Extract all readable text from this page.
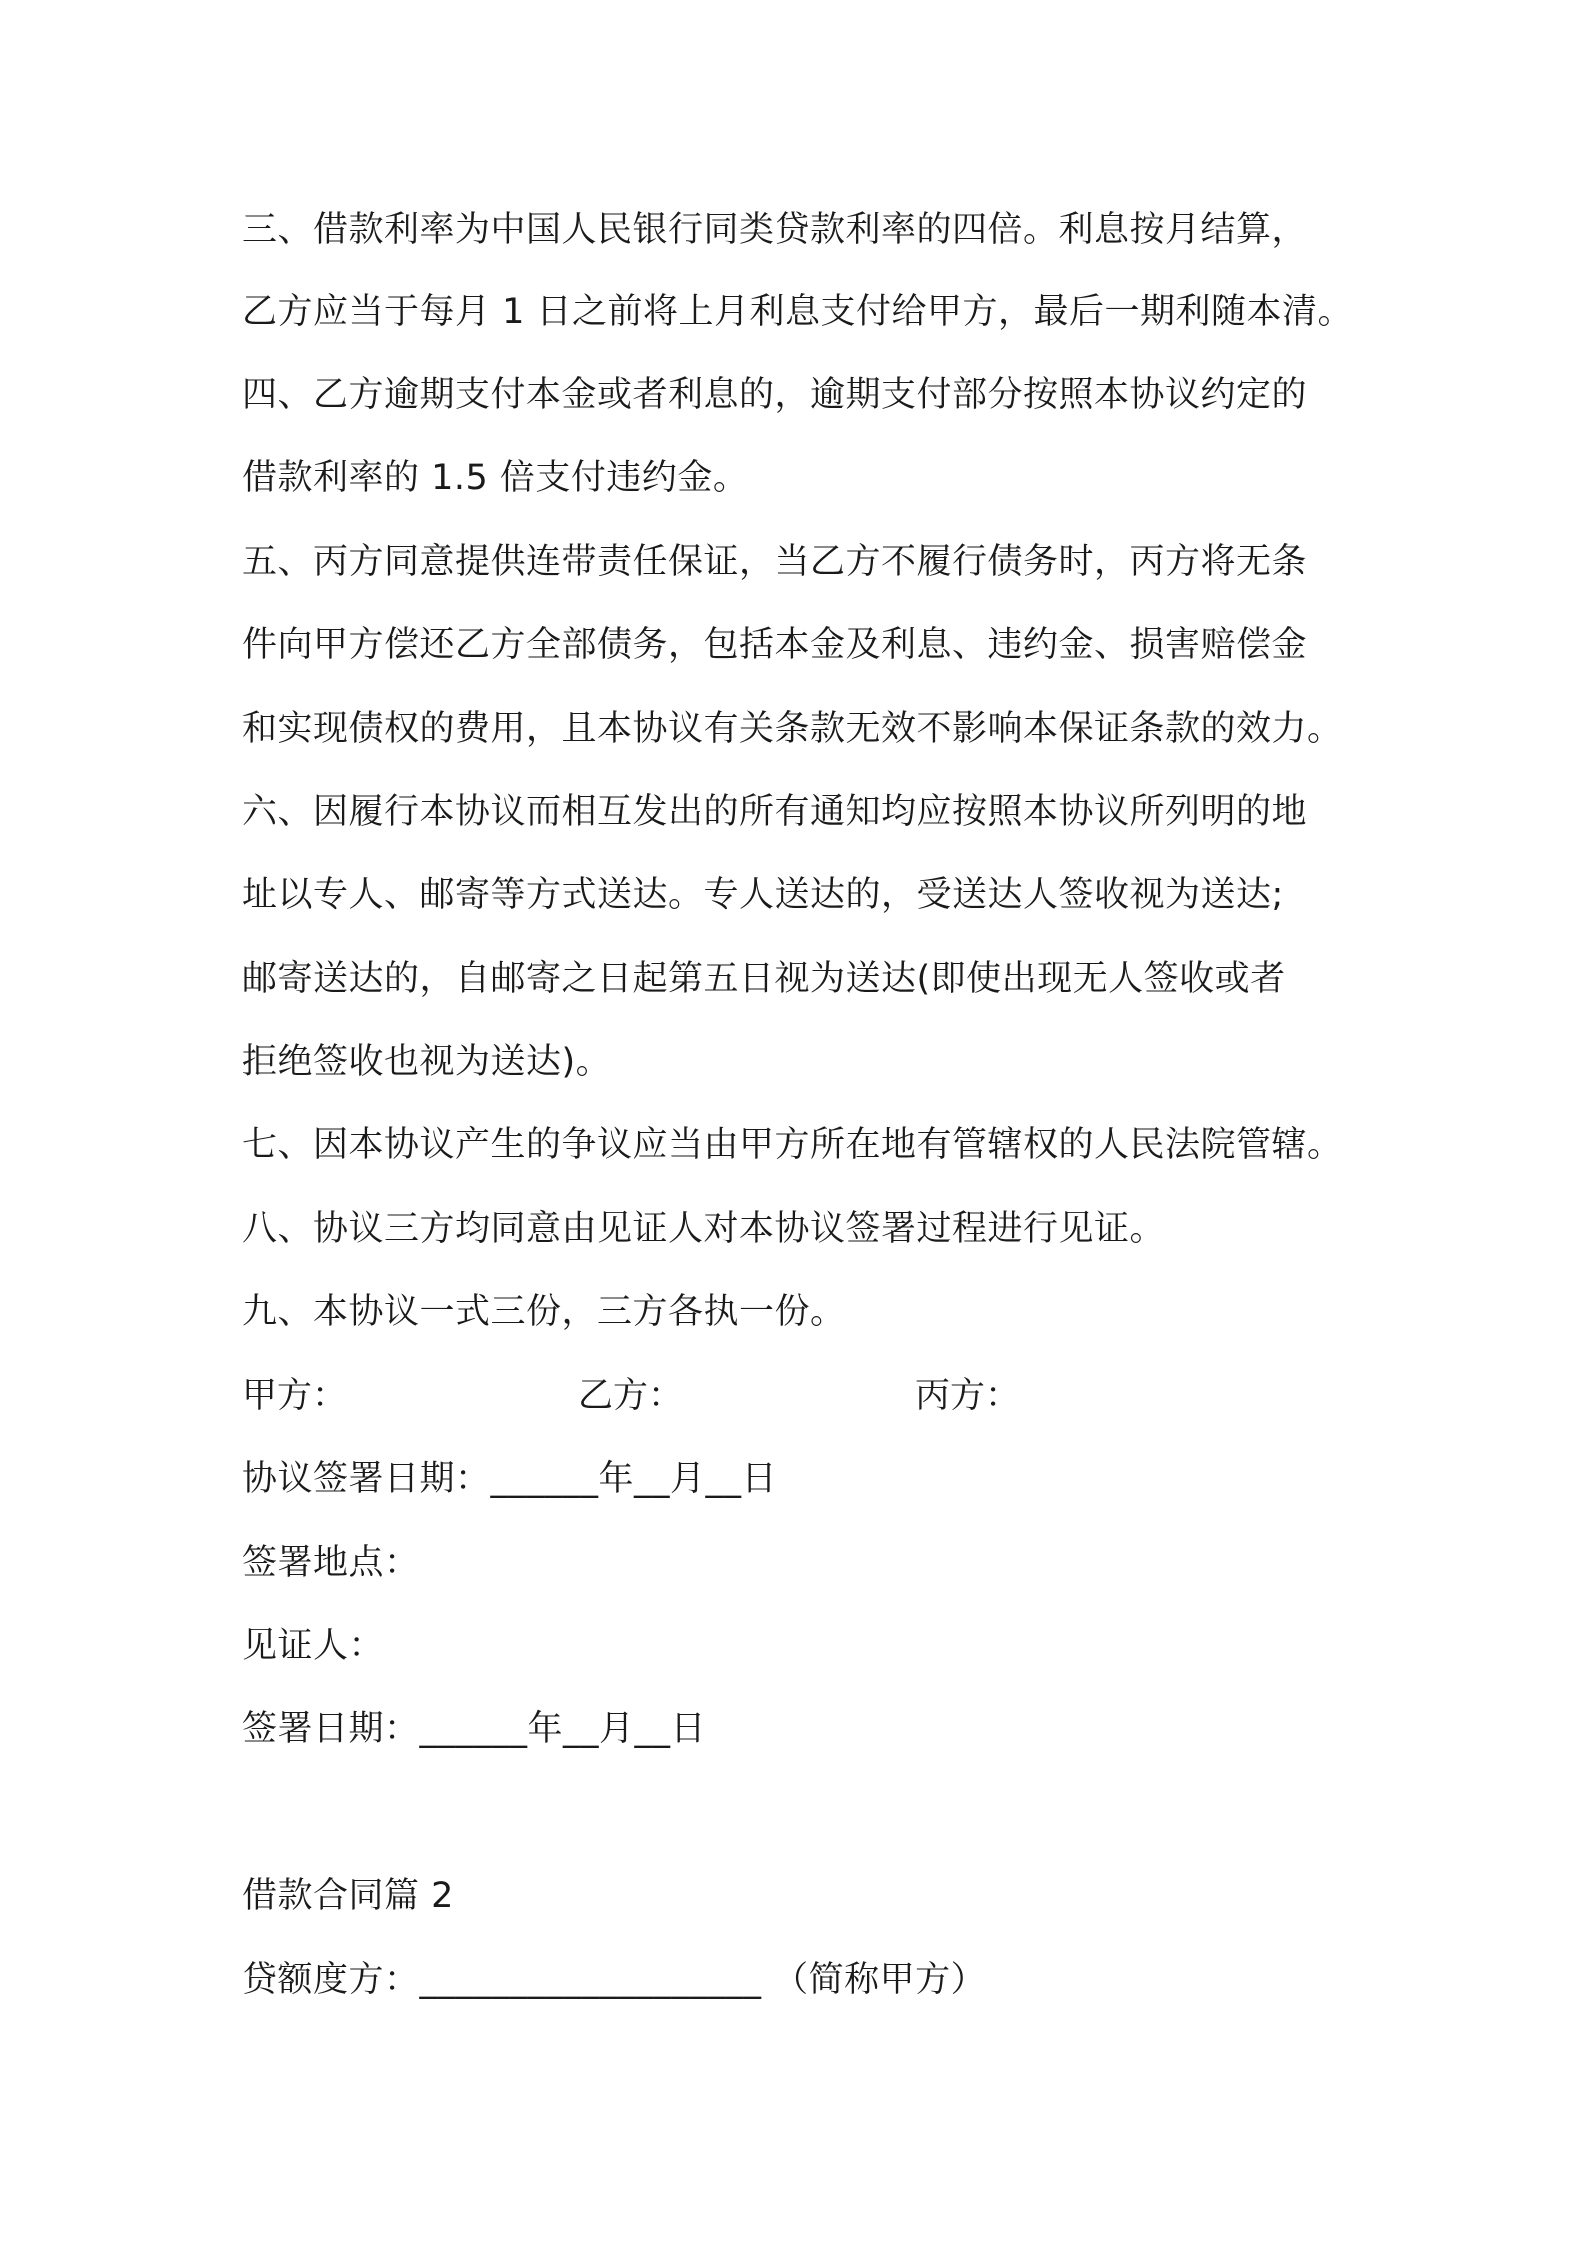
三、借款利率为中国人民银行同类贷款利率的四倍。利息按月结算，
乙方应当于每月 1 日之前将上月利息支付给甲方，最后一期利随本清。
四、乙方逾期支付本金或者利息的，逾期支付部分按照本协议约定的
借款利率的 1.5 倍支付违约金。
五、丙方同意提供连带责任保证，当乙方不履行债务时，丙方将无条
件向甲方偿还乙方全部债务，包括本金及利息、违约金、损害赔偿金
和实现债权的费用，且本协议有关条款无效不影响本保证条款的效力。
六、因履行本协议而相互发出的所有通知均应按照本协议所列明的地
址以专人、邮寄等方式送达。专人送达的，受送达人签收视为送达;
邮寄送达的，自邮寄之日起第五日视为送达(即使出现无人签收或者
拒绝签收也视为送达)。
七、因本协议产生的争议应当由甲方所在地有管辖权的人民法院管辖。
八、协议三方均同意由见证人对本协议签署过程进行见证。
九、本协议一式三份，三方各执一份。
甲方：	乙方：	丙方：
协议签署日期：______年__月__日
签署地点：
见证人：
签署日期：______年__月__日
借款合同篇 2
贷额度方：___________________ （简称甲方）
